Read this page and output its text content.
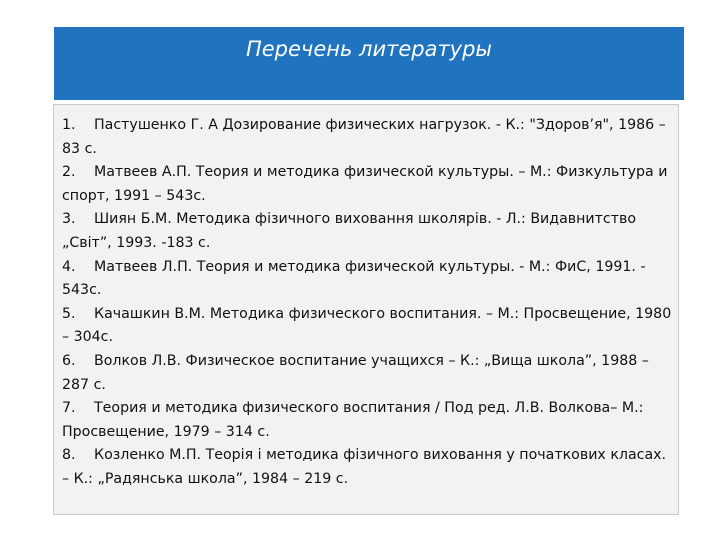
Перечень литературы

1. Пастушенко Г. А Дозирование физических нагрузок. - К.: "Здоров’я", 1986 – 83 с.

2. Матвеев А.П. Теория и методика физической культуры. – М.: Физкультура и спорт, 1991 – 543с.

3. Шиян Б.М. Методика фізичного виховання школярів. - Л.: Видавнитство „Світ”, 1993. -183 с.

4. Матвеев Л.П. Теория и методика физической культуры. - М.: ФиС, 1991. - 543с.

5. Качашкин В.М. Методика физического воспитания. – М.: Просвещение, 1980 – 304с.

6. Волков Л.В. Физическое воспитание учащихся – К.: „Вища школа”, 1988 – 287 с.

7. Теория и методика физического воспитания / Под ред. Л.В. Волкова– М.: Просвещение, 1979 – 314 с.

8. Козленко М.П. Теорія і методика фізичного виховання у початкових класах. – К.: „Радянська школа”, 1984 – 219 с.
